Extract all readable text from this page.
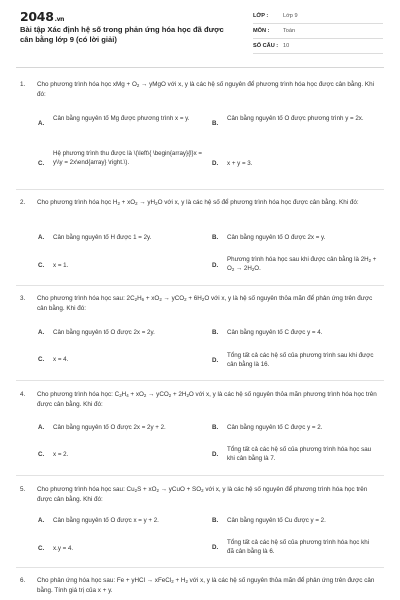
2048.vn
Bài tập Xác định hệ số trong phản ứng hóa học đã được cân bằng lớp 9 (có lời giải)
LỚP :	Lớp 9
MÔN :	Toán
SỐ CÂU : 10
1.	Cho phương trình hóa học xMg + $O_2$ → yMgO với x, y là các hệ số nguyên để phương trình hóa học được cân bằng. Khi đó:
A.
Cân bằng nguyên tố Mg được phương trình x = y.
B.
Cân bằng nguyên tố O được phương trình y = 2x.
C.
Hệ phương trình thu được là \(\left\{ \begin{array}{l}x = y\\y = 2x\end{array} \right.\).	D. x + y = 3.
2.	Cho phương trình hóa học $H_2 + xO_2 \to yH_2O$ với x, y là các hệ số để phương trình hóa học được cân bằng. Khi đó:
A. Cân bằng nguyên tố H được 1 = 2y.	B. Cân bằng nguyên tố O được 2x = y.
C. x = 1.	D.
Phương trình hóa học sau khi được cân bằng là $2H_2 + O_2 \to 2H_2O$.
3.	Cho phương trình hóa học sau: $2C_2H_6 + xO_2 \to yCO_2 + 6H_2O$ với x, y là hệ số nguyên thỏa mãn để phản ứng trên được cân bằng. Khi đó:
A. Cân bằng nguyên tố O được 2x = 2y.	B. Cân bằng nguyên tố C được y = 4.
C. x = 4.	D.
Tổng tất cả các hệ số của phương trình sau khi được cân bằng là 16.
4.	Cho phương trình hóa học: $C_2H_4 + xO_2 \to yCO_2 + 2H_2O$ với x, y là các hệ số nguyên thỏa mãn phương trình hóa học trên được cân bằng. Khi đó:
A. Cân bằng nguyên tố O được 2x = 2y + 2.	B. Cân bằng nguyên tố C được y = 2.
C. x = 2.	D.
Tổng tất cả các hệ số của phương trình hóa học sau khi cân bằng là 7.
5.	Cho phương trình hóa học sau: $Cu_2S + xO_2$ → yCuO + $SO_2$ với x, y là các hệ số nguyên để phương trình hóa học trên được cân bằng. Khi đó:
A. Cân bằng nguyên tố O được x = y + 2.	B. Cân bằng nguyên tố Cu được y = 2.
C. x.y = 4.	D.
Tổng tất cả các hệ số của phương trình hóa học khi đã cân bằng là 6.
6.	Cho phản ứng hóa học sau: Fe + yHCl → xFeCl$_2$ + $H_2$ với x, y là các hệ số nguyên thỏa mãn để phản ứng trên được cân bằng. Tính giá trị của x + y.
